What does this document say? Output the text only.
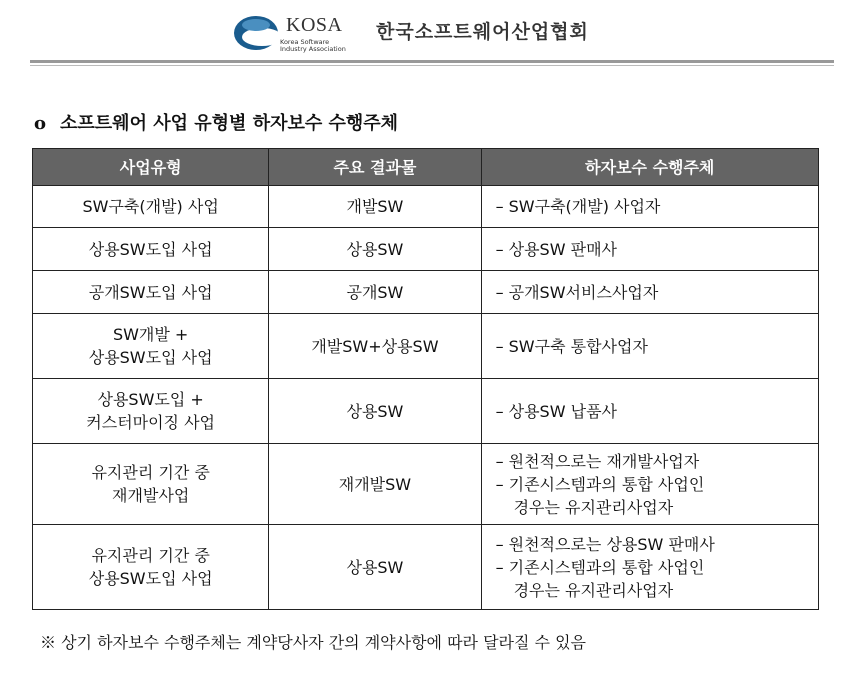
KOSA
Korea Software
Industry Association
한국소프트웨어산업협회
o 소프트웨어 사업 유형별 하자보수 수행주체
사업유형	주요 결과물	하자보수 수행주체

SW구축(개발) 사업	개발SW	– SW구축(개발) 사업자

상용SW도입 사업	상용SW	– 상용SW 판매사

공개SW도입 사업	공개SW	– 공개SW서비스사업자

SW개발 +
상용SW도입 사업	개발SW+상용SW	– SW구축 통합사업자

상용SW도입 +
커스터마이징 사업	상용SW	– 상용SW 납품사

유지관리 기간 중
재개발사업	재개발SW	– 원천적으로는 재개발사업자
– 기존시스템과의 통합 사업인
경우는 유지관리사업자

유지관리 기간 중
상용SW도입 사업	상용SW	– 원천적으로는 상용SW 판매사
– 기존시스템과의 통합 사업인
경우는 유지관리사업자
※ 상기 하자보수 수행주체는 계약당사자 간의 계약사항에 따라 달라질 수 있음
